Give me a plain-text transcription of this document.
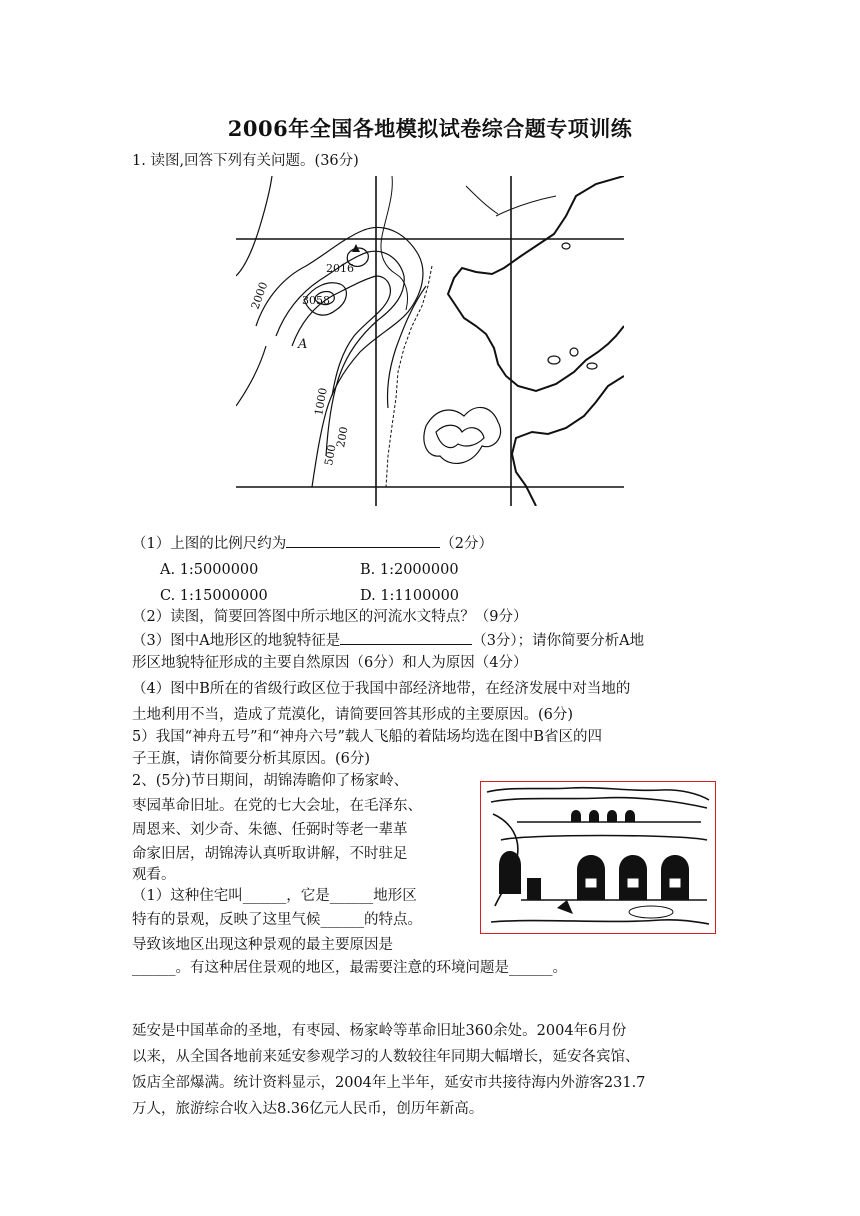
2006年全国各地模拟试卷综合题专项训练
1. 读图,回答下列有关问题。(36分)
2016
3058
2000
A
1000
500
200
（1）上图的比例尺约为	（2分）
A. 1:5000000	B. 1:2000000
C. 1:15000000	D. 1:1100000
（2）读图，简要回答图中所示地区的河流水文特点？（9分）
（3）图中A地形区的地貌特征是	（3分）；请你简要分析A地
形区地貌特征形成的主要自然原因（6分）和人为原因（4分）
（4）图中B所在的省级行政区位于我国中部经济地带，在经济发展中对当地的
土地利用不当，造成了荒漠化，请简要回答其形成的主要原因。(6分)
5）我国“神舟五号”和“神舟六号”载人飞船的着陆场均选在图中B省区的四
子王旗，请你简要分析其原因。(6分)
2、(5分)节日期间，胡锦涛瞻仰了杨家岭、
枣园革命旧址。在党的七大会址，在毛泽东、
周恩来、刘少奇、朱德、任弼时等老一辈革
命家旧居，胡锦涛认真听取讲解，不时驻足
观看。
（1）这种住宅叫______，它是______地形区
特有的景观，反映了这里气候______的特点。
导致该地区出现这种景观的最主要原因是
______。有这种居住景观的地区，最需要注意的环境问题是______。
延安是中国革命的圣地，有枣园、杨家岭等革命旧址360余处。2004年6月份
以来，从全国各地前来延安参观学习的人数较往年同期大幅增长，延安各宾馆、
饭店全部爆满。统计资料显示，2004年上半年，延安市共接待海内外游客231.7
万人，旅游综合收入达8.36亿元人民币，创历年新高。
